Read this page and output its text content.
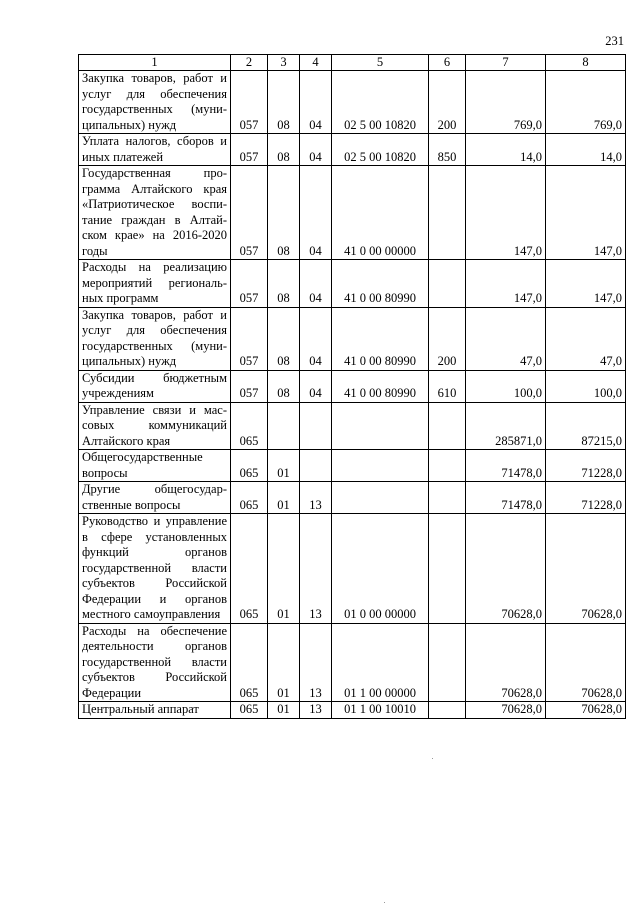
231
1	2	3	4	5	6	7	8
Закупка товаров, работ и услуг для обеспечения государственных (муниципальных) нужд	057	08	04	02 5 00 10820	200	769,0	769,0
Уплата налогов, сборов и иных платежей	057	08	04	02 5 00 10820	850	14,0	14,0
Государственная программа Алтайского края «Патриотическое воспитание граждан в Алтайском крае» на 2016-2020 годы	057	08	04	41 0 00 00000		147,0	147,0
Расходы на реализацию мероприятий региональных программ	057	08	04	41 0 00 80990		147,0	147,0
Закупка товаров, работ и услуг для обеспечения государственных (муниципальных) нужд	057	08	04	41 0 00 80990	200	47,0	47,0
Субсидии бюджетным учреждениям	057	08	04	41 0 00 80990	610	100,0	100,0
Управление связи и массовых коммуникаций Алтайского края	065					285871,0	87215,0
Общегосударственные вопросы	065	01				71478,0	71228,0
Другие общегосударственные вопросы	065	01	13			71478,0	71228,0
Руководство и управление в сфере установленных функций органов государственной власти субъектов Российской Федерации и органов местного самоуправления	065	01	13	01 0 00 00000		70628,0	70628,0
Расходы на обеспечение деятельности органов государственной власти субъектов Российской Федерации	065	01	13	01 1 00 00000		70628,0	70628,0
Центральный аппарат	065	01	13	01 1 00 10010		70628,0	70628,0
